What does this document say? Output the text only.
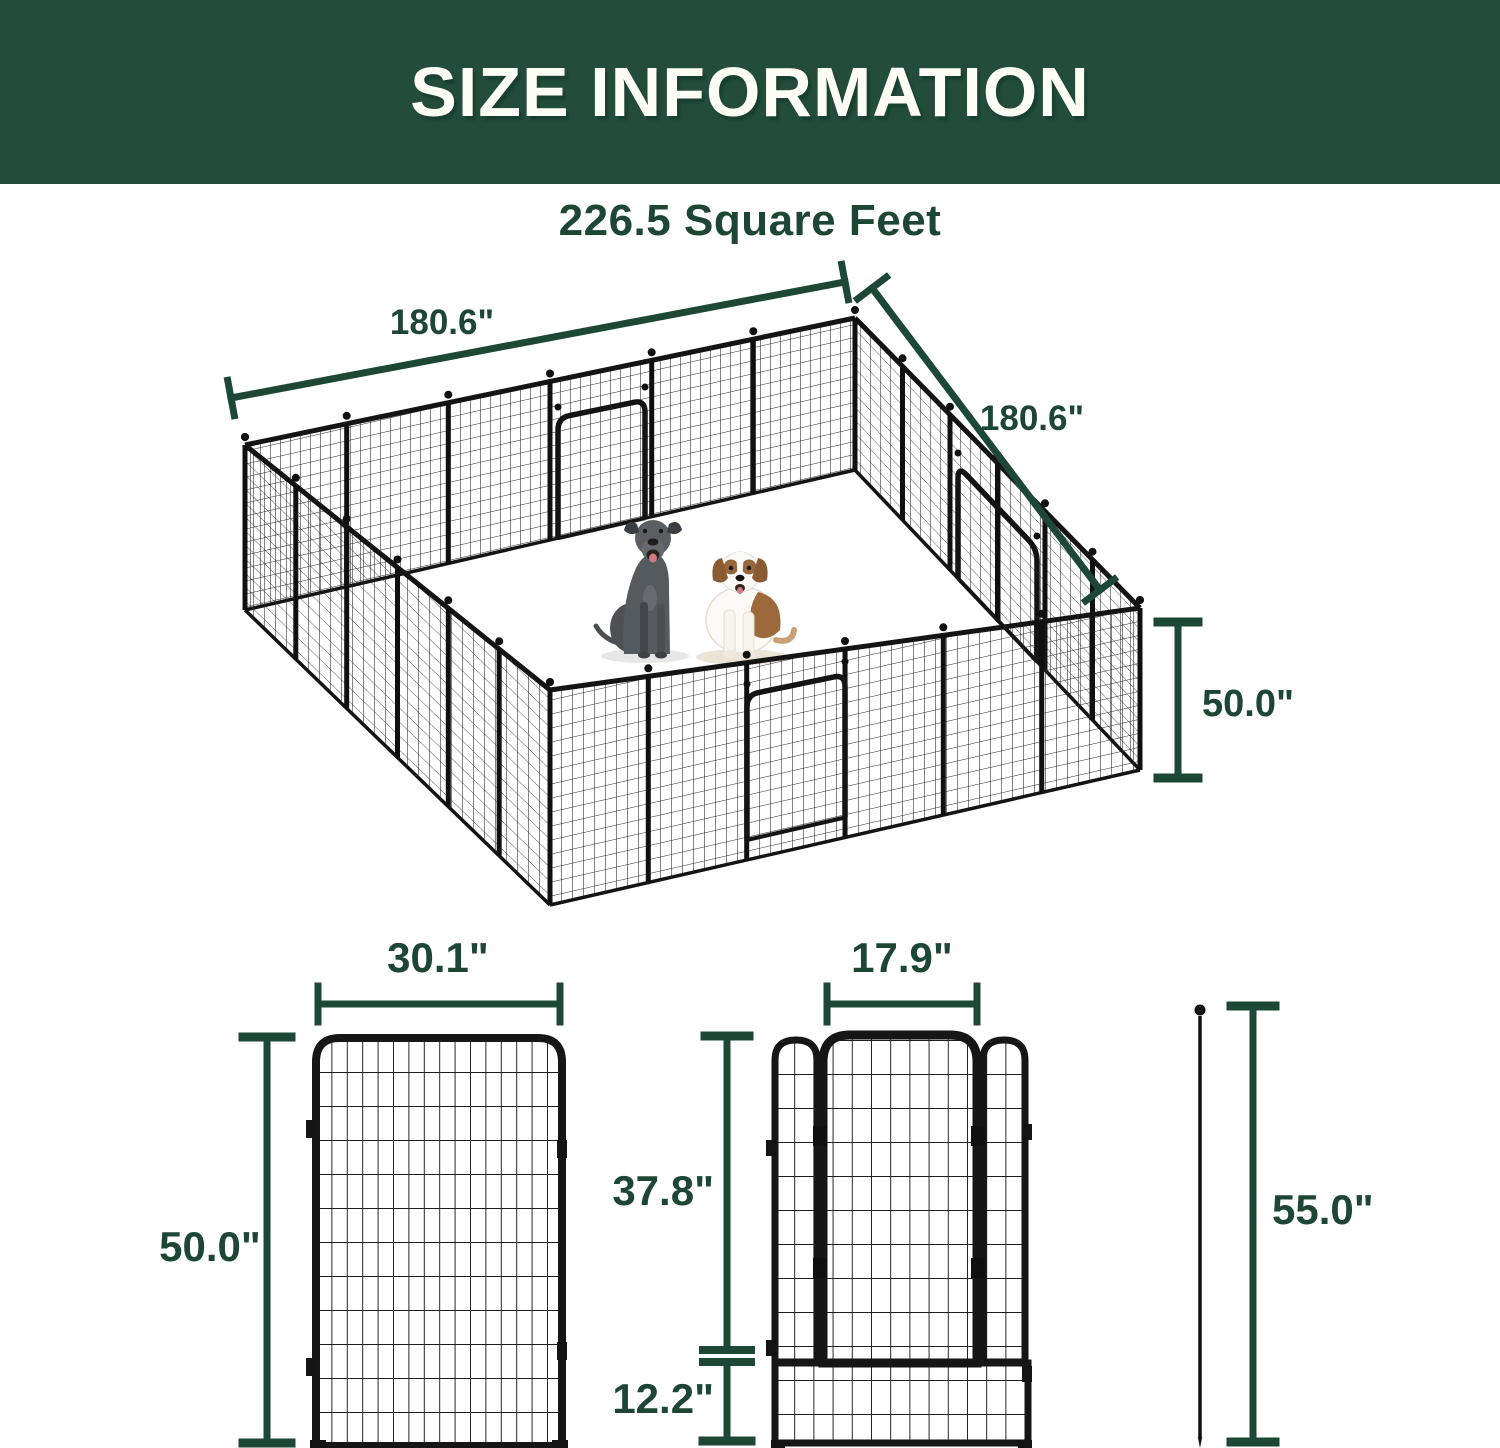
SIZE INFORMATION
226.5 Square Feet
180.6"
180.6"
50.0"
30.1"
50.0"
17.9"
37.8"
12.2"
55.0"
